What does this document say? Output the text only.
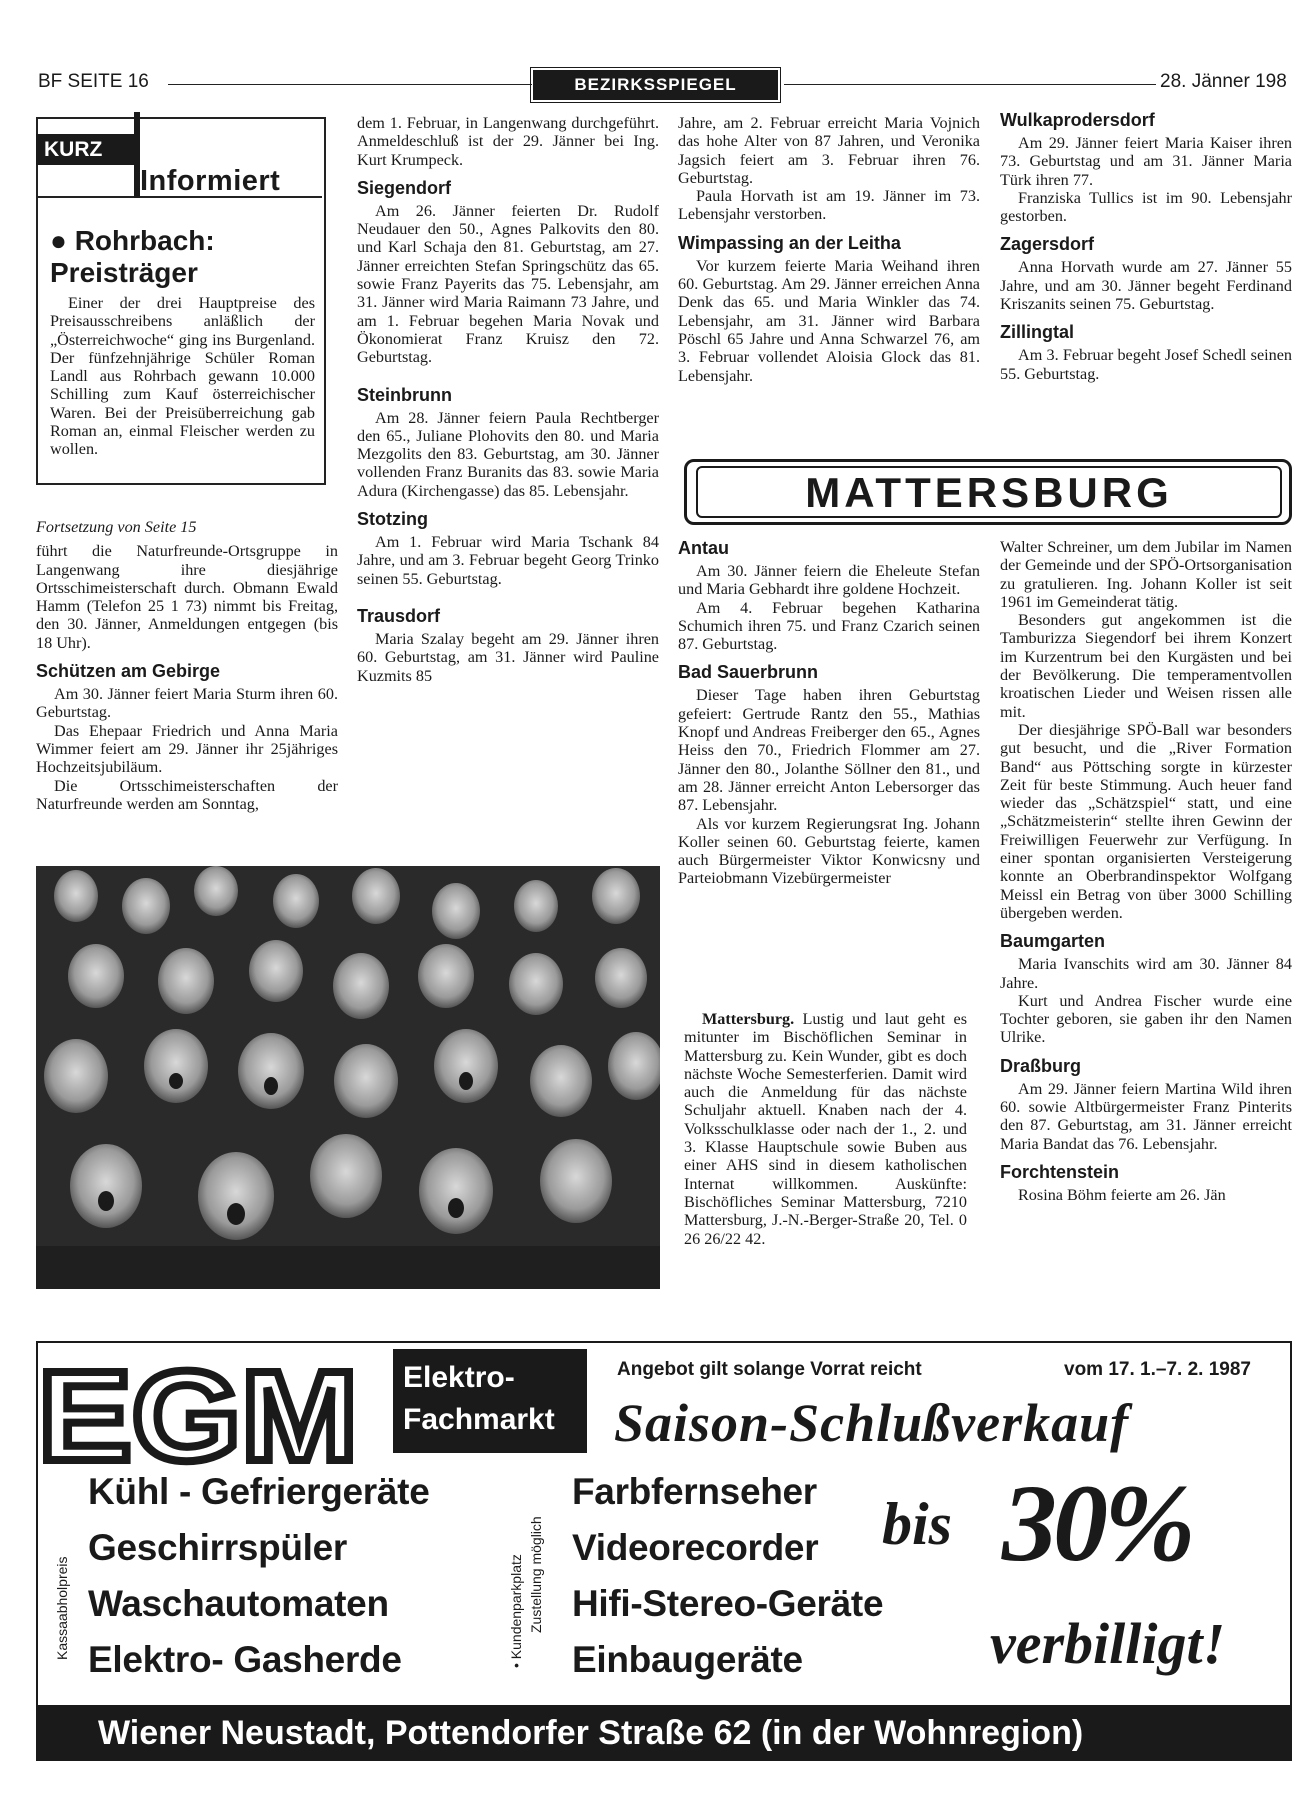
BF SEITE 16	BEZIRKSSPIEGEL	28. Jänner 198
KURZ
Informiert
● Rohrbach: Preisträger

Einer der drei Hauptpreise des Preisausschreibens anläßlich der „Österreichwoche“ ging ins Burgenland. Der fünfzehnjährige Schüler Roman Landl aus Rohrbach gewann 10.000 Schilling zum Kauf österreichischer Waren. Bei der Preisüberreichung gab Roman an, einmal Fleischer werden zu wollen.

Fortsetzung von Seite 15

führt die Naturfreunde-Ortsgruppe in Langenwang ihre diesjährige Ortsschimeisterschaft durch. Obmann Ewald Hamm (Telefon 25 1 73) nimmt bis Freitag, den 30. Jänner, Anmeldungen entgegen (bis 18 Uhr).

Schützen am Gebirge

Am 30. Jänner feiert Maria Sturm ihren 60. Geburtstag.

Das Ehepaar Friedrich und Anna Maria Wimmer feiert am 29. Jänner ihr 25jähriges Hochzeitsjubiläum.

Die Ortsschimeisterschaften der Naturfreunde werden am Sonntag,

dem 1. Februar, in Langenwang durchgeführt. Anmeldeschluß ist der 29. Jänner bei Ing. Kurt Krumpeck.

Siegendorf

Am 26. Jänner feierten Dr. Rudolf Neudauer den 50., Agnes Palkovits den 80. und Karl Schaja den 81. Geburtstag, am 27. Jänner erreichten Stefan Springschütz das 65. sowie Franz Payerits das 75. Lebensjahr, am 31. Jänner wird Maria Raimann 73 Jahre, und am 1. Februar begehen Maria Novak und Ökonomierat Franz Kruisz den 72. Geburtstag.

Steinbrunn

Am 28. Jänner feiern Paula Rechtberger den 65., Juliane Plohovits den 80. und Maria Mezgolits den 83. Geburtstag, am 30. Jänner vollenden Franz Buranits das 83. sowie Maria Adura (Kirchengasse) das 85. Lebensjahr.

Stotzing

Am 1. Februar wird Maria Tschank 84 Jahre, und am 3. Februar begeht Georg Trinko seinen 55. Geburtstag.

Trausdorf

Maria Szalay begeht am 29. Jänner ihren 60. Geburtstag, am 31. Jänner wird Pauline Kuzmits 85

Jahre, am 2. Februar erreicht Maria Vojnich das hohe Alter von 87 Jahren, und Veronika Jagsich feiert am 3. Februar ihren 76. Geburtstag.

Paula Horvath ist am 19. Jänner im 73. Lebensjahr verstorben.

Wimpassing an der Leitha

Vor kurzem feierte Maria Weihand ihren 60. Geburtstag. Am 29. Jänner erreichen Anna Denk das 65. und Maria Winkler das 74. Lebensjahr, am 31. Jänner wird Barbara Pöschl 65 Jahre und Anna Schwarzel 76, am 3. Februar vollendet Aloisia Glock das 81. Lebensjahr.

Wulkaprodersdorf

Am 29. Jänner feiert Maria Kaiser ihren 73. Geburtstag und am 31. Jänner Maria Türk ihren 77.

Franziska Tullics ist im 90. Lebensjahr gestorben.

Zagersdorf

Anna Horvath wurde am 27. Jänner 55 Jahre, und am 30. Jänner begeht Ferdinand Kriszanits seinen 75. Geburtstag.

Zillingtal

Am 3. Februar begeht Josef Schedl seinen 55. Geburtstag.

MATTERSBURG
Antau

Am 30. Jänner feiern die Eheleute Stefan und Maria Gebhardt ihre goldene Hochzeit.

Am 4. Februar begehen Katharina Schumich ihren 75. und Franz Czarich seinen 87. Geburtstag.

Bad Sauerbrunn

Dieser Tage haben ihren Geburtstag gefeiert: Gertrude Rantz den 55., Mathias Knopf und Andreas Freiberger den 65., Agnes Heiss den 70., Friedrich Flommer am 27. Jänner den 80., Jolanthe Söllner den 81., und am 28. Jänner erreicht Anton Lebersorger das 87. Lebensjahr.

Als vor kurzem Regierungsrat Ing. Johann Koller seinen 60. Geburtstag feierte, kamen auch Bürgermeister Viktor Konwicsny und Parteiobmann Vizebürgermeister

Walter Schreiner, um dem Jubilar im Namen der Gemeinde und der SPÖ-Ortsorganisation zu gratulieren. Ing. Johann Koller ist seit 1961 im Gemeinderat tätig.

Besonders gut angekommen ist die Tamburizza Siegendorf bei ihrem Konzert im Kurzentrum bei den Kurgästen und bei der Bevölkerung. Die temperamentvollen kroatischen Lieder und Weisen rissen alle mit.

Der diesjährige SPÖ-Ball war besonders gut besucht, und die „River Formation Band“ aus Pöttsching sorgte in kürzester Zeit für beste Stimmung. Auch heuer fand wieder das „Schätzspiel“ statt, und eine „Schätzmeisterin“ stellte ihren Gewinn der Freiwilligen Feuerwehr zur Verfügung. In einer spontan organisierten Versteigerung konnte an Oberbrandinspektor Wolfgang Meissl ein Betrag von über 3000 Schilling übergeben werden.

Baumgarten

Maria Ivanschits wird am 30. Jänner 84 Jahre.

Kurt und Andrea Fischer wurde eine Tochter geboren, sie gaben ihr den Namen Ulrike.

Draßburg

Am 29. Jänner feiern Martina Wild ihren 60. sowie Altbürgermeister Franz Pinterits den 87. Geburtstag, am 31. Jänner erreicht Maria Bandat das 76. Lebensjahr.

Forchtenstein

Rosina Böhm feierte am 26. Jän

Mattersburg. Lustig und laut geht es mitunter im Bischöflichen Seminar in Mattersburg zu. Kein Wunder, gibt es doch nächste Woche Semesterferien. Damit wird auch die Anmeldung für das nächste Schuljahr aktuell. Knaben nach der 4. Volksschulklasse oder nach der 1., 2. und 3. Klasse Hauptschule sowie Buben aus einer AHS sind in diesem katholischen Internat willkommen. Auskünfte: Bischöfliches Seminar Mattersburg, 7210 Mattersburg, J.-N.-Berger-Straße 20, Tel. 0 26 26/22 42.

EGM Elektro-
Fachmarkt
Angebot gilt solange Vorrat reicht	vom 17. 1.–7. 2. 1987
Saison-Schlußverkauf
Kassaabholpreis	• Kundenparkplatz Zustellung möglich
Kühl - Gefriergeräte
Geschirrspüler
Waschautomaten
Elektro- Gasherde
Farbfernseher
Videorecorder
Hifi-Stereo-Geräte
Einbaugeräte
bis 30%
verbilligt!
Wiener Neustadt, Pottendorfer Straße 62 (in der Wohnregion)
